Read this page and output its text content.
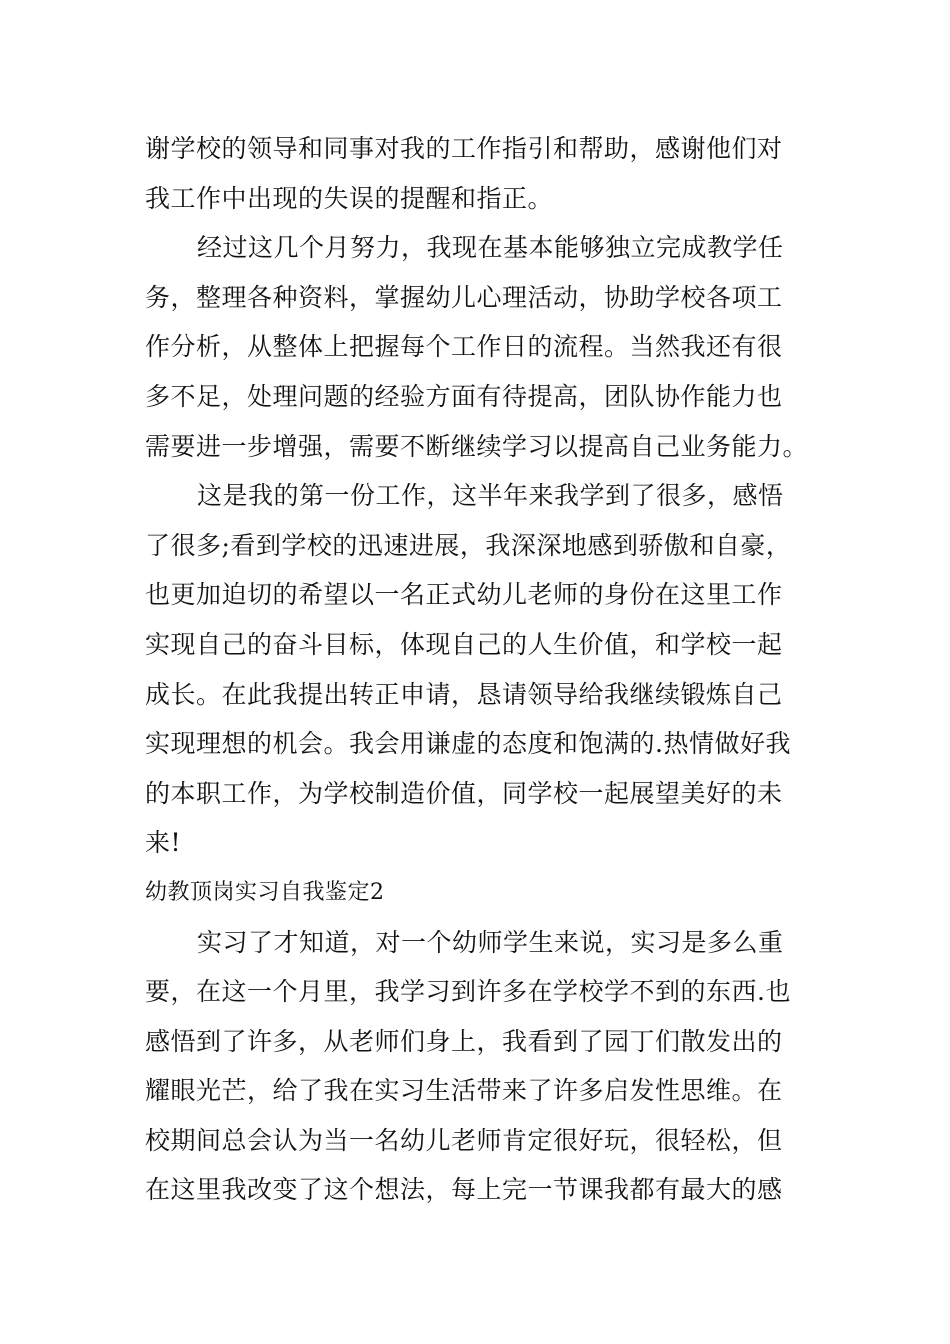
谢学校的领导和同事对我的工作指引和帮助，感谢他们对
我工作中出现的失误的提醒和指正。
经过这几个月努力，我现在基本能够独立完成教学任
务，整理各种资料，掌握幼儿心理活动，协助学校各项工
作分析，从整体上把握每个工作日的流程。当然我还有很
多不足，处理问题的经验方面有待提高，团队协作能力也
需要进一步增强，需要不断继续学习以提高自己业务能力。
这是我的第一份工作，这半年来我学到了很多，感悟
了很多;看到学校的迅速进展，我深深地感到骄傲和自豪，
也更加迫切的希望以一名正式幼儿老师的身份在这里工作
实现自己的奋斗目标，体现自己的人生价值，和学校一起
成长。在此我提出转正申请，恳请领导给我继续锻炼自己
实现理想的机会。我会用谦虚的态度和饱满的.热情做好我
的本职工作，为学校制造价值，同学校一起展望美好的未
来!
幼教顶岗实习自我鉴定2
实习了才知道，对一个幼师学生来说，实习是多么重
要，在这一个月里，我学习到许多在学校学不到的东西.也
感悟到了许多，从老师们身上，我看到了园丁们散发出的
耀眼光芒，给了我在实习生活带来了许多启发性思维。在
校期间总会认为当一名幼儿老师肯定很好玩，很轻松，但
在这里我改变了这个想法，每上完一节课我都有最大的感
